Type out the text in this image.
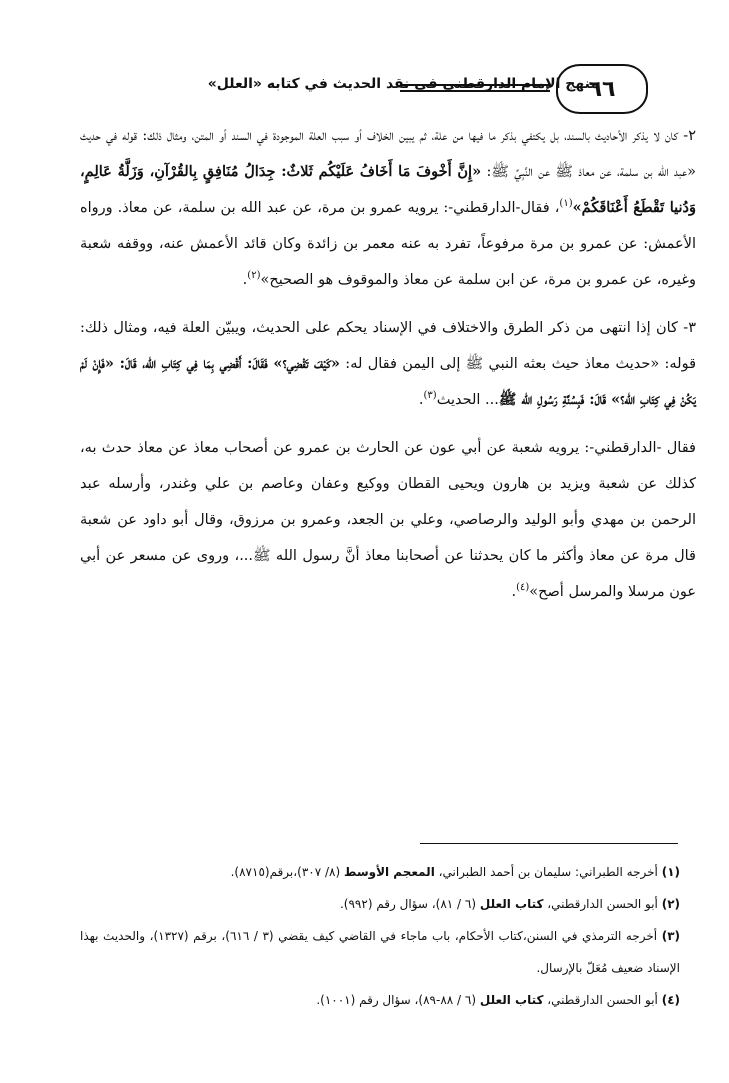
٦٦
منهج الإمام الدارقطني في نقد الحديث في كتابه «العلل»

٢- كان لا يذكر الأحاديث بالسند، بل يكتفي بذكر ما فيها من علة، ثم يبين الخلاف أو سبب العلة الموجودة في السند أو المتن، ومثال ذلك: قوله في حديث «عبد الله بن سلمة، عن معاذ ﷺ عن النَّبِيِّ ﷺ: «إِنَّ أَخْوفَ مَا أَخَافُ عَلَيْكُم ثَلاثٌ: جِدَالُ مُنَافِقٍ بِالقُرْآنِ، وَزَلَّةُ عَالِمٍ، وَدُنيا تَقْطَعُ أَعْنَاقَكُمْ»$^{(١)}$، فقال-الدارقطني-: يرويه عمرو بن مرة، عن عبد الله بن سلمة، عن معاذ. ورواه الأعمش: عن عمرو بن مرة مرفوعاً، تفرد به عنه معمر بن زائدة وكان قائد الأعمش عنه، ووقفه شعبة وغيره، عن عمرو بن مرة، عن ابن سلمة عن معاذ والموقوف هو الصحيح»$^{(٢)}$.

٣- كان إذا انتهى من ذكر الطرق والاختلاف في الإسناد يحكم على الحديث، ويبيّن العلة فيه، ومثال ذلك: قوله: «حديث معاذ حيث بعثه النبي ﷺ إلى اليمن فقال له: «كَيْفَ تَقْضِي؟» فَقَالَ: أَقْضِي بِمَا فِي كِتَابِ الله، قَالَ: «فَإِنْ لَمْ يَكُنْ فِي كِتَابِ الله؟» قَالَ: فَبِسُنَّةِ رَسُولِ الله ﷺ... الحديث$^{(٣)}$.

فقال -الدارقطني-: يرويه شعبة عن أبي عون عن الحارث بن عمرو عن أصحاب معاذ عن معاذ حدث به، كذلك عن شعبة ويزيد بن هارون ويحيى القطان ووكيع وعفان وعاصم بن علي وغندر، وأرسله عبد الرحمن بن مهدي وأبو الوليد والرصاصي، وعلي بن الجعد، وعمرو بن مرزوق، وقال أبو داود عن شعبة قال مرة عن معاذ وأكثر ما كان يحدثنا عن أصحابنا معاذ أنَّ رسول الله ﷺ...، وروى عن مسعر عن أبي عون مرسلا والمرسل أصح»$^{(٤)}$.

(١) أخرجه الطبراني: سليمان بن أحمد الطبراني، المعجم الأوسط (٨/ ٣٠٧)،برقم(٨٧١٥).

(٢) أبو الحسن الدارقطني، كتاب العلل (٦ / ٨١)، سؤال رقم (٩٩٢).

(٣) أخرجه الترمذي في السنن،كتاب الأحكام، باب ماجاء في القاضي كيف يقضي (٣ / ٦١٦)، برقم (١٣٢٧)، والحديث بهذا الإسناد ضعيف مُعَلّ بالإرسال.

(٤) أبو الحسن الدارقطني، كتاب العلل (٦ / ٨٨-٨٩)، سؤال رقم (١٠٠١).
